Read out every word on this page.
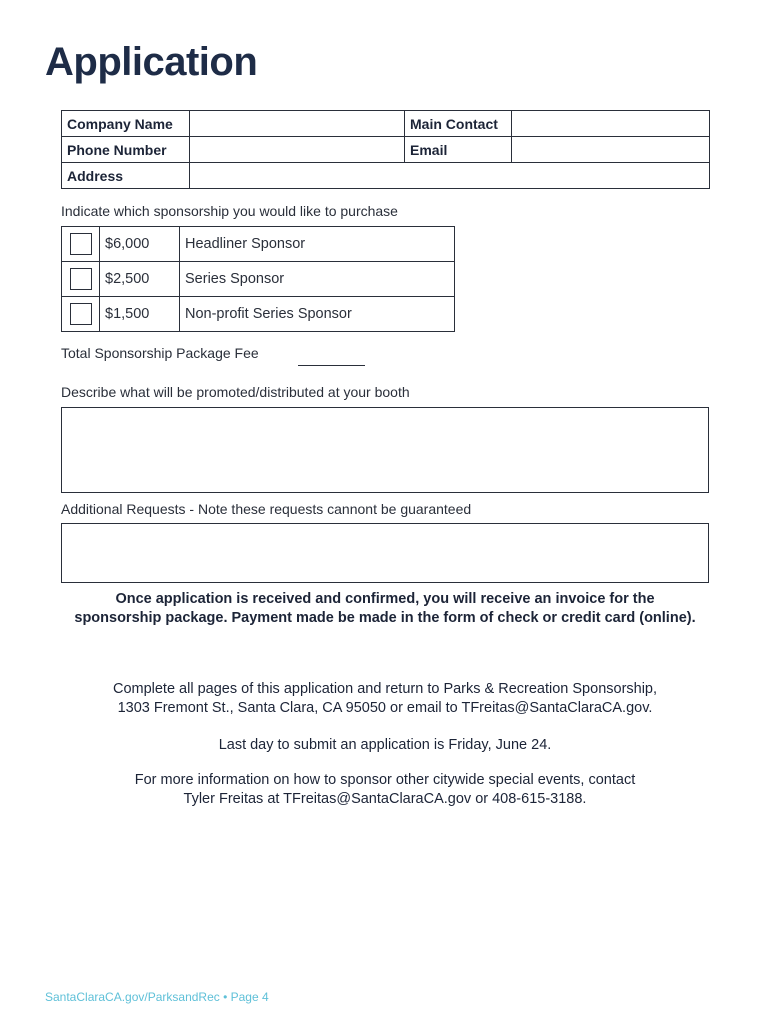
Application
Company Name		Main Contact	
Phone Number		Email	
Address			

Indicate which sponsorship you would like to purchase

	$6,000	Headliner Sponsor
	$2,500	Series Sponsor
	$1,500	Non-profit Series Sponsor

Total Sponsorship Package Fee

Describe what will be promoted/distributed at your booth

Additional Requests - Note these requests cannont be guaranteed

Once application is received and confirmed, you will receive an invoice for the
sponsorship package. Payment made be made in the form of check or credit card (online).
Complete all pages of this application and return to Parks & Recreation Sponsorship,
1303 Fremont St., Santa Clara, CA 95050 or email to TFreitas@SantaClaraCA.gov.
Last day to submit an application is Friday, June 24.
For more information on how to sponsor other citywide special events, contact
Tyler Freitas at TFreitas@SantaClaraCA.gov or 408-615-3188.

SantaClaraCA.gov/ParksandRec • Page 4
